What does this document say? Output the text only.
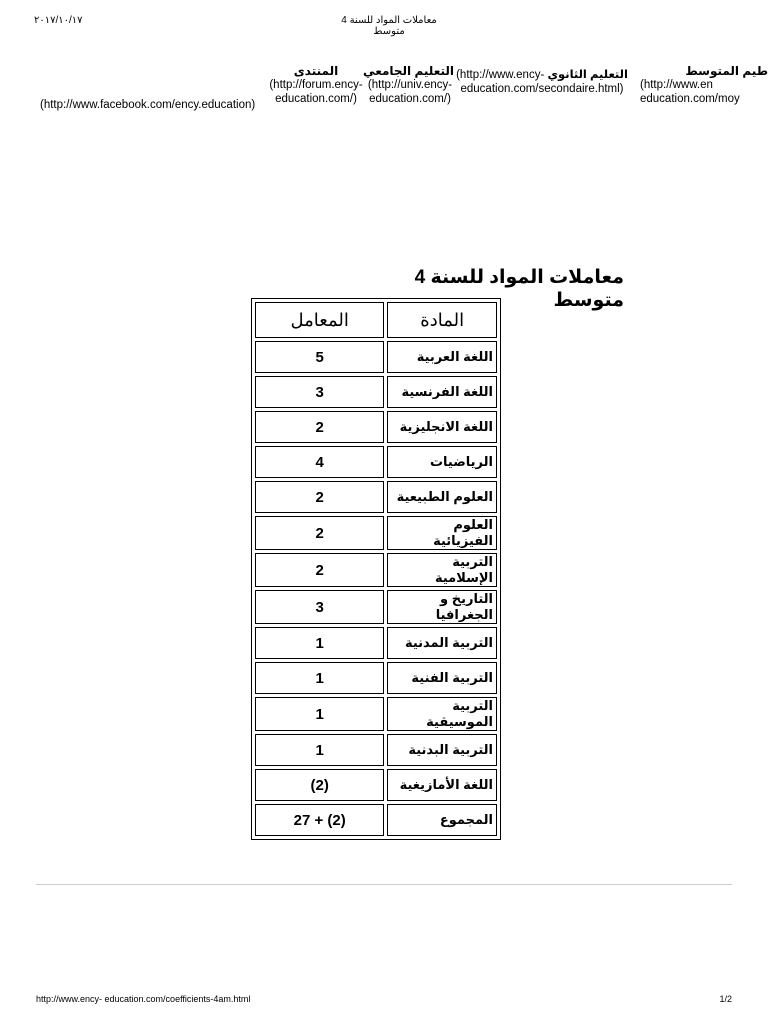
٢٠١٧/١٠/١٧	معاملات المواد للسنة 4 متوسط
طيم المتوسط
(http://www.en
education.com/moy
(http://www.ency- التعليم الثانوي
education.com/secondaire.html)
التعليم الجامعي
(http://univ.ency-
education.com/)
المنتدى
(http://forum.ency-
education.com/)
(http://www.facebook.com/ency.education)
معاملات المواد للسنة 4 متوسط
المعامل	المادة
5	اللغة العربية
3	اللغة الفرنسية
2	اللغة الانجليزية
4	الرياضيات
2	العلوم الطبيعية
2	العلوم الفيزيائية
2	التربية الإسلامية
3	التاريخ و الجغرافيا
1	التربية المدنية
1	التربية الفنية
1	التربية الموسيقية
1	التربية البدنية
(2)	اللغة الأمازيغية
27 + (2)	المجموع
http://www.ency- education.com/coefficients-4am.html	1/2
